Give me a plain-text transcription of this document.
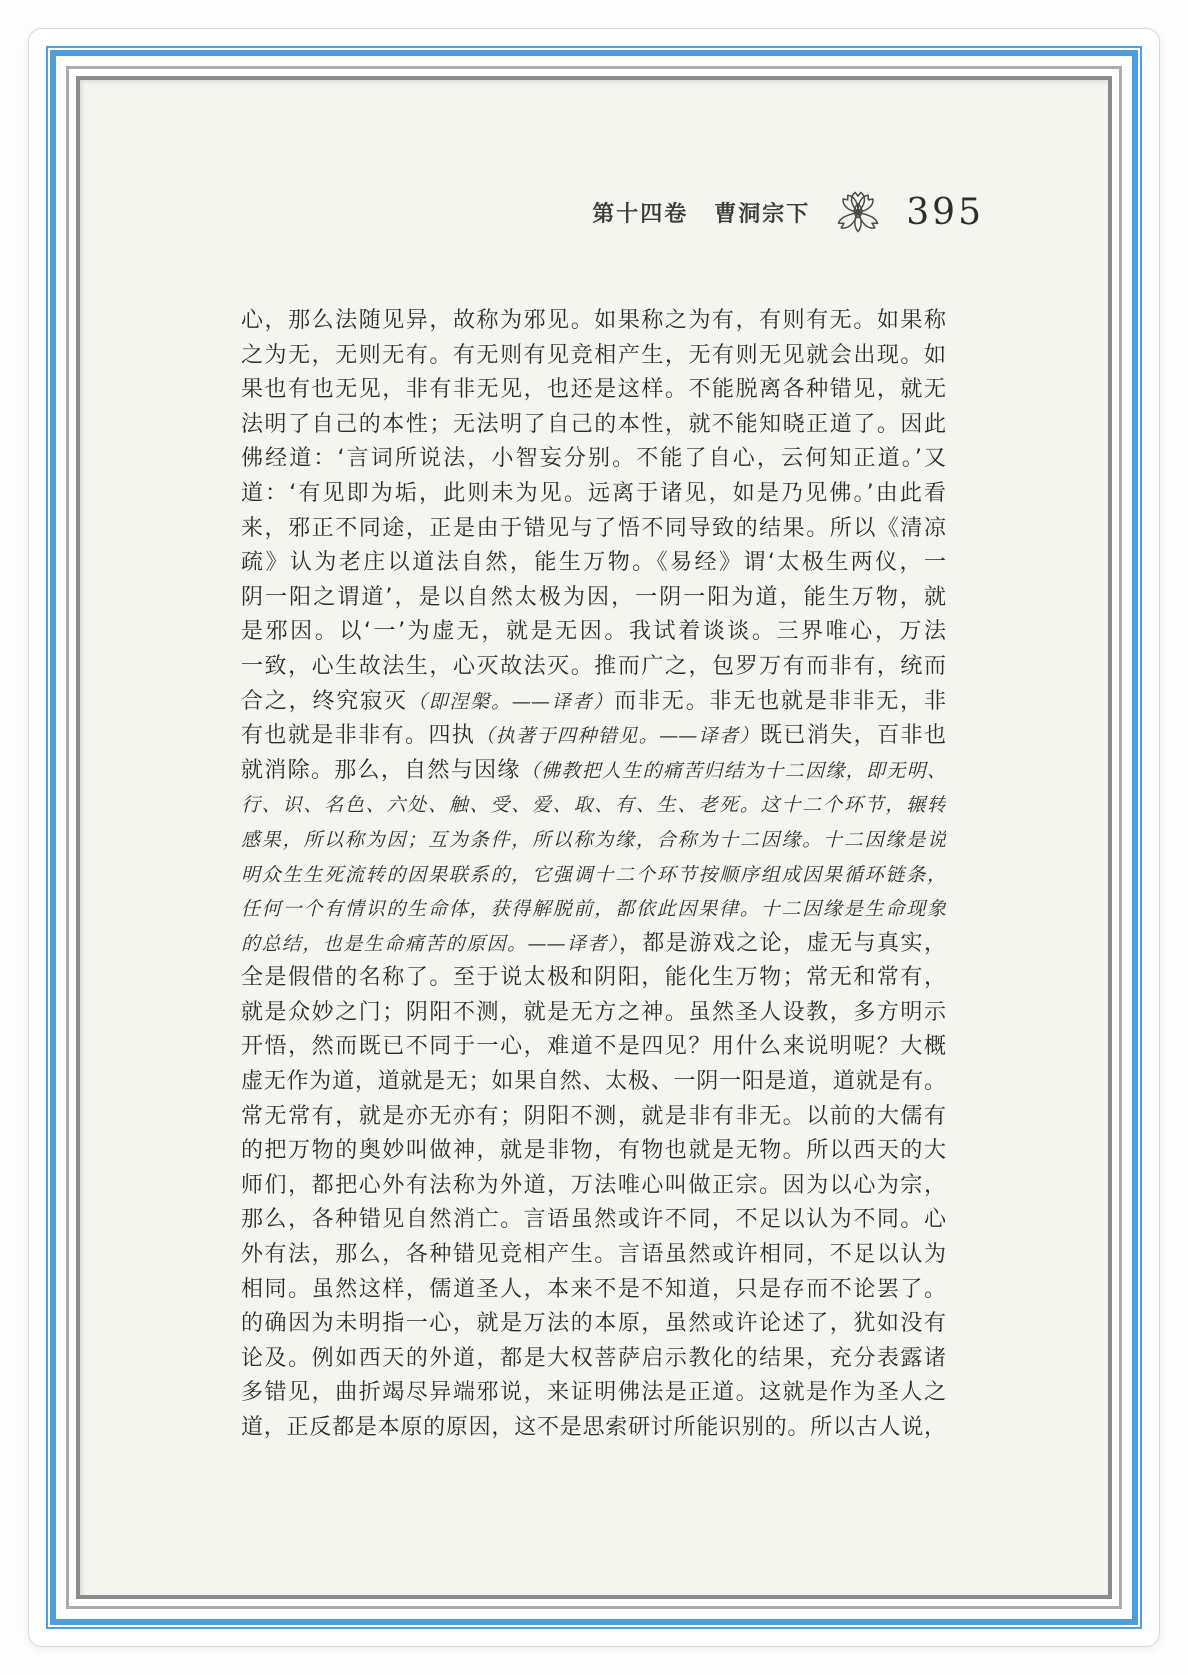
第十四卷 曹洞宗下	395
心，那么法随见异，故称为邪见。如果称之为有，有则有无。如果称
之为无，无则无有。有无则有见竞相产生，无有则无见就会出现。如
果也有也无见，非有非无见，也还是这样。不能脱离各种错见，就无
法明了自己的本性；无法明了自己的本性，就不能知晓正道了。因此
佛经道：‘言词所说法，小智妄分别。不能了自心，云何知正道。’又
道：‘有见即为垢，此则未为见。远离于诸见，如是乃见佛。’由此看
来，邪正不同途，正是由于错见与了悟不同导致的结果。所以《清凉
疏》认为老庄以道法自然，能生万物。《易经》谓‘太极生两仪，一
阴一阳之谓道’，是以自然太极为因，一阴一阳为道，能生万物，就
是邪因。以‘一’为虚无，就是无因。我试着谈谈。三界唯心，万法
一致，心生故法生，心灭故法灭。推而广之，包罗万有而非有，统而
合之，终究寂灭（即涅槃。——译者）而非无。非无也就是非非无，非
有也就是非非有。四执（执著于四种错见。——译者）既已消失，百非也
就消除。那么，自然与因缘（佛教把人生的痛苦归结为十二因缘，即无明、
行、识、名色、六处、触、受、爱、取、有、生、老死。这十二个环节，辗转
感果，所以称为因；互为条件，所以称为缘，合称为十二因缘。十二因缘是说
明众生生死流转的因果联系的，它强调十二个环节按顺序组成因果循环链条，
任何一个有情识的生命体，获得解脱前，都依此因果律。十二因缘是生命现象
的总结，也是生命痛苦的原因。——译者），都是游戏之论，虚无与真实，
全是假借的名称了。至于说太极和阴阳，能化生万物；常无和常有，
就是众妙之门；阴阳不测，就是无方之神。虽然圣人设教，多方明示
开悟，然而既已不同于一心，难道不是四见？用什么来说明呢？大概
虚无作为道，道就是无；如果自然、太极、一阴一阳是道，道就是有。
常无常有，就是亦无亦有；阴阳不测，就是非有非无。以前的大儒有
的把万物的奥妙叫做神，就是非物，有物也就是无物。所以西天的大
师们，都把心外有法称为外道，万法唯心叫做正宗。因为以心为宗，
那么，各种错见自然消亡。言语虽然或许不同，不足以认为不同。心
外有法，那么，各种错见竞相产生。言语虽然或许相同，不足以认为
相同。虽然这样，儒道圣人，本来不是不知道，只是存而不论罢了。
的确因为未明指一心，就是万法的本原，虽然或许论述了，犹如没有
论及。例如西天的外道，都是大权菩萨启示教化的结果，充分表露诸
多错见，曲折竭尽异端邪说，来证明佛法是正道。这就是作为圣人之
道，正反都是本原的原因，这不是思索研讨所能识别的。所以古人说，
